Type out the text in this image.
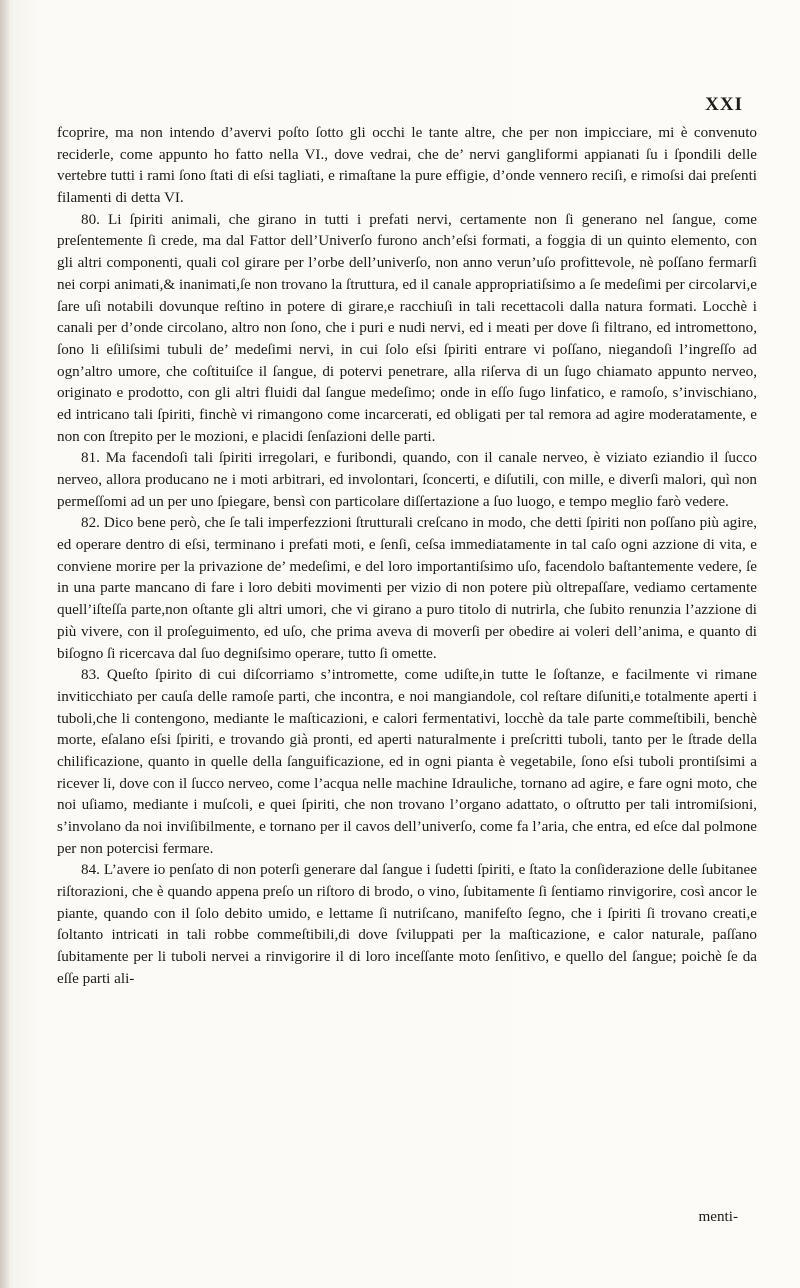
XXI

fcoprire, ma non intendo d’avervi poſto ſotto gli occhi le tante altre, che per non impicciare, mi è convenuto reciderle, come appunto ho fatto nella VI., dove vedrai, che de’ nervi gangliformi appianati ſu i ſpondili delle vertebre tutti i rami ſono ſtati di eſsi tagliati, e rimaſtane la pure effigie, d’onde vennero reciſi, e rimoſsi dai preſenti filamenti di detta VI.

80. Li ſpiriti animali, che girano in tutti i prefati nervi, certamente non ſi generano nel ſangue, come preſentemente ſi crede, ma dal Fattor dell’Univerſo furono anch’eſsi formati, a foggia di un quinto elemento, con gli altri componenti, quali col girare per l’orbe dell’univerſo, non anno verun’uſo profittevole, nè poſſano fermarſi nei corpi animati,& inanimati,ſe non trovano la ſtruttura, ed il canale appropriatiſsimo a ſe medeſimi per circolarvi,e ſare uſi notabili dovunque reſtino in potere di girare,e racchiuſi in tali recettacoli dalla natura formati. Locchè i canali per d’onde circolano, altro non ſono, che i puri e nudi nervi, ed i meati per dove ſi filtrano, ed intromettono, ſono li eſiliſsimi tubuli de’ medeſimi nervi, in cui ſolo eſsi ſpiriti entrare vi poſſano, niegandoſi l’ingreſſo ad ogn’altro umore, che coſtituiſce il ſangue, di potervi penetrare, alla riſerva di un ſugo chiamato appunto nerveo, originato e prodotto, con gli altri fluidi dal ſangue medeſimo; onde in eſſo ſugo linfatico, e ramoſo, s’invischiano, ed intricano tali ſpiriti, finchè vi rimangono come incarcerati, ed obligati per tal remora ad agire moderatamente, e non con ſtrepito per le mozioni, e placidi ſenſazioni delle parti.

81. Ma facendoſi tali ſpiriti irregolari, e furibondi, quando, con il canale nerveo, è viziato eziandio il ſucco nerveo, allora producano ne i moti arbitrari, ed involontari, ſconcerti, e diſutili, con mille, e diverſi malori, quì non permeſſomi ad un per uno ſpiegare, bensì con particolare diſſertazione a ſuo luogo, e tempo meglio farò vedere.

82. Dico bene però, che ſe tali imperfezzioni ſtrutturali creſcano in modo, che detti ſpiriti non poſſano più agire, ed operare dentro di eſsi, terminano i prefati moti, e ſenſi, ceſsa immediatamente in tal caſo ogni azzione di vita, e conviene morire per la privazione de’ medeſimi, e del loro importantiſsimo uſo, facendolo baſtantemente vedere, ſe in una parte mancano di fare i loro debiti movimenti per vizio di non potere più oltrepaſſare, vediamo certamente quell’iſteſſa parte,non oſtante gli altri umori, che vi girano a puro titolo di nutrirla, che ſubito renunzia l’azzione di più vivere, con il proſeguimento, ed uſo, che prima aveva di moverſi per obedire ai voleri dell’anima, e quanto di biſogno ſi ricercava dal ſuo degniſsimo operare, tutto ſi omette.

83. Queſto ſpirito di cui diſcorriamo s’intromette, come udiſte,in tutte le ſoſtanze, e facilmente vi rimane inviticchiato per cauſa delle ramoſe parti, che incontra, e noi mangiandole, col reſtare diſuniti,e totalmente aperti i tuboli,che li contengono, mediante le maſticazioni, e calori fermentativi, locchè da tale parte commeſtibili, benchè morte, eſalano eſsi ſpiriti, e trovando già pronti, ed aperti naturalmente i preſcritti tuboli, tanto per le ſtrade della chilificazione, quanto in quelle della ſanguificazione, ed in ogni pianta è vegetabile, ſono eſsi tuboli prontiſsimi a ricever li, dove con il ſucco nerveo, come l’acqua nelle machine Idrauliche, tornano ad agire, e fare ogni moto, che noi uſiamo, mediante i muſcoli, e quei ſpiriti, che non trovano l’organo adattato, o oſtrutto per tali intromiſsioni, s’involano da noi inviſibilmente, e tornano per il cavos dell’univerſo, come fa l’aria, che entra, ed eſce dal polmone per non potercisi fermare.

84. L’avere io penſato di non poterſi generare dal ſangue i ſudetti ſpiriti, e ſtato la conſiderazione delle ſubitanee riſtorazioni, che è quando appena preſo un riſtoro di brodo, o vino, ſubitamente ſi ſentiamo rinvigorire, così ancor le piante, quando con il ſolo debito umido, e lettame ſi nutriſcano, manifeſto ſegno, che i ſpiriti ſi trovano creati,e ſoltanto intricati in tali robbe commeſtibili,di dove ſviluppati per la maſticazione, e calor naturale, paſſano ſubitamente per li tuboli nervei a rinvigorire il di loro inceſſante moto ſenſitivo, e quello del ſangue; poichè ſe da eſſe parti ali-

menti-
